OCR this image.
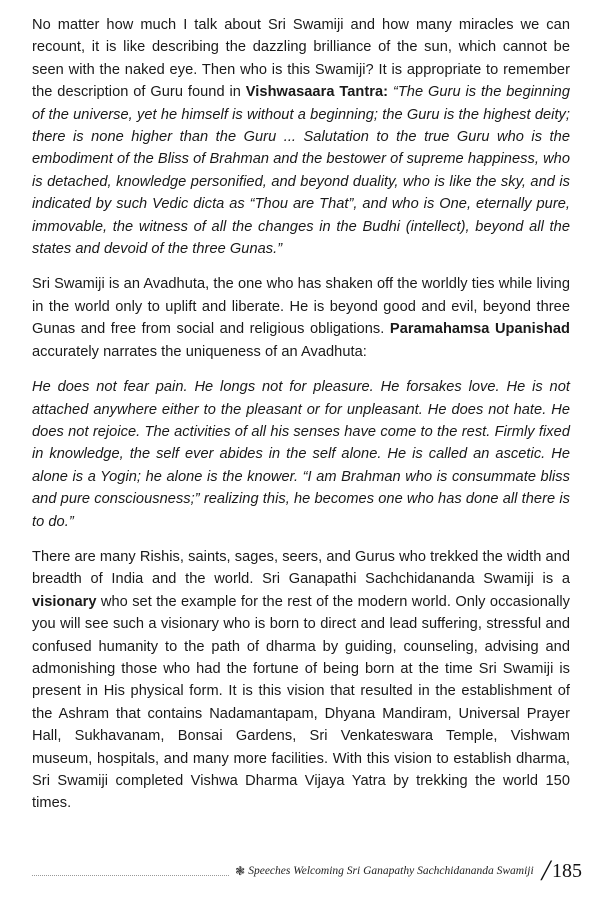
No matter how much I talk about Sri Swamiji and how many miracles we can recount, it is like describing the dazzling brilliance of the sun, which cannot be seen with the naked eye. Then who is this Swamiji? It is appropriate to remember the description of Guru found in Vishwasaara Tantra: “The Guru is the beginning of the universe, yet he himself is without a beginning; the Guru is the highest deity; there is none higher than the Guru ... Salutation to the true Guru who is the embodiment of the Bliss of Brahman and the bestower of supreme happiness, who is detached, knowledge personified, and beyond duality, who is like the sky, and is indicated by such Vedic dicta as “Thou are That”, and who is One, eternally pure, immovable, the witness of all the changes in the Budhi (intellect), beyond all the states and devoid of the three Gunas.”

Sri Swamiji is an Avadhuta, the one who has shaken off the worldly ties while living in the world only to uplift and liberate. He is beyond good and evil, beyond three Gunas and free from social and religious obligations. Paramahamsa Upanishad accurately narrates the uniqueness of an Avadhuta:

He does not fear pain. He longs not for pleasure. He forsakes love. He is not attached anywhere either to the pleasant or for unpleasant. He does not hate. He does not rejoice. The activities of all his senses have come to the rest. Firmly fixed in knowledge, the self ever abides in the self alone. He is called an ascetic. He alone is a Yogin; he alone is the knower. “I am Brahman who is consummate bliss and pure consciousness;” realizing this, he becomes one who has done all there is to do.”

There are many Rishis, saints, sages, seers, and Gurus who trekked the width and breadth of India and the world. Sri Ganapathi Sachchidananda Swamiji is a visionary who set the example for the rest of the modern world. Only occasionally you will see such a visionary who is born to direct and lead suffering, stressful and confused humanity to the path of dharma by guiding, counseling, advising and admonishing those who had the fortune of being born at the time Sri Swamiji is present in His physical form. It is this vision that resulted in the establishment of the Ashram that contains Nadamantapam, Dhyana Mandiram, Universal Prayer Hall, Sukhavanam, Bonsai Gardens, Sri Venkateswara Temple, Vishwam museum, hospitals, and many more facilities. With this vision to establish dharma, Sri Swamiji completed Vishwa Dharma Vijaya Yatra by trekking the world 150 times.

❃ Speeches Welcoming Sri Ganapathy Sachchidananda Swamiji / 185
